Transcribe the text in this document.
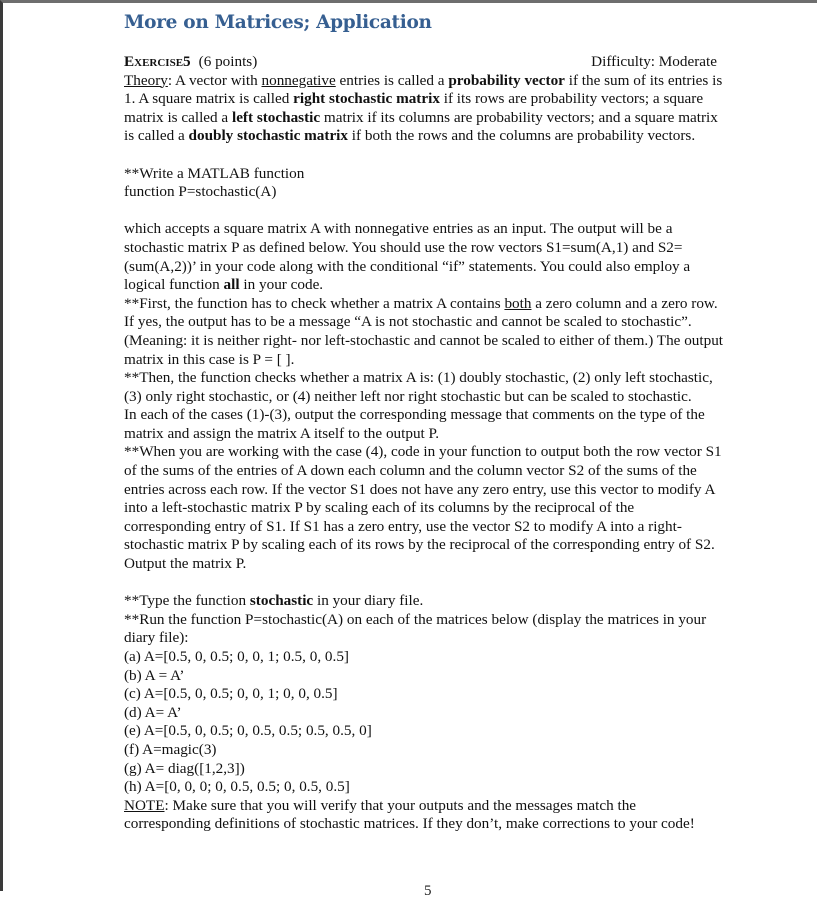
More on Matrices; Application
Exercise5 (6 points)	Difficulty: Moderate

Theory: A vector with nonnegative entries is called a probability vector if the sum of its entries is 1. A square matrix is called right stochastic matrix if its rows are probability vectors; a square matrix is called a left stochastic matrix if its columns are probability vectors; and a square matrix is called a doubly stochastic matrix if both the rows and the columns are probability vectors.

**Write a MATLAB function

function P=stochastic(A)

which accepts a square matrix A with nonnegative entries as an input. The output will be a stochastic matrix P as defined below. You should use the row vectors S1=sum(A,1) and S2=(sum(A,2))’ in your code along with the conditional “if” statements. You could also employ a logical function all in your code.

**First, the function has to check whether a matrix A contains both a zero column and a zero row. If yes, the output has to be a message “A is not stochastic and cannot be scaled to stochastic”. (Meaning: it is neither right- nor left-stochastic and cannot be scaled to either of them.) The output matrix in this case is P = [ ].

**Then, the function checks whether a matrix A is: (1) doubly stochastic, (2) only left stochastic, (3) only right stochastic, or (4) neither left nor right stochastic but can be scaled to stochastic.

In each of the cases (1)-(3), output the corresponding message that comments on the type of the matrix and assign the matrix A itself to the output P.

**When you are working with the case (4), code in your function to output both the row vector S1 of the sums of the entries of A down each column and the column vector S2 of the sums of the entries across each row. If the vector S1 does not have any zero entry, use this vector to modify A into a left-stochastic matrix P by scaling each of its columns by the reciprocal of the corresponding entry of S1. If S1 has a zero entry, use the vector S2 to modify A into a right-stochastic matrix P by scaling each of its rows by the reciprocal of the corresponding entry of S2. Output the matrix P.

**Type the function stochastic in your diary file.

**Run the function P=stochastic(A) on each of the matrices below (display the matrices in your diary file):

(a) A=[0.5, 0, 0.5; 0, 0, 1; 0.5, 0, 0.5]

(b) A = A’

(c) A=[0.5, 0, 0.5; 0, 0, 1; 0, 0, 0.5]

(d) A= A’

(e) A=[0.5, 0, 0.5; 0, 0.5, 0.5; 0.5, 0.5, 0]

(f) A=magic(3)

(g) A= diag([1,2,3])

(h) A=[0, 0, 0; 0, 0.5, 0.5; 0, 0.5, 0.5]

NOTE: Make sure that you will verify that your outputs and the messages match the corresponding definitions of stochastic matrices. If they don’t, make corrections to your code!

5
